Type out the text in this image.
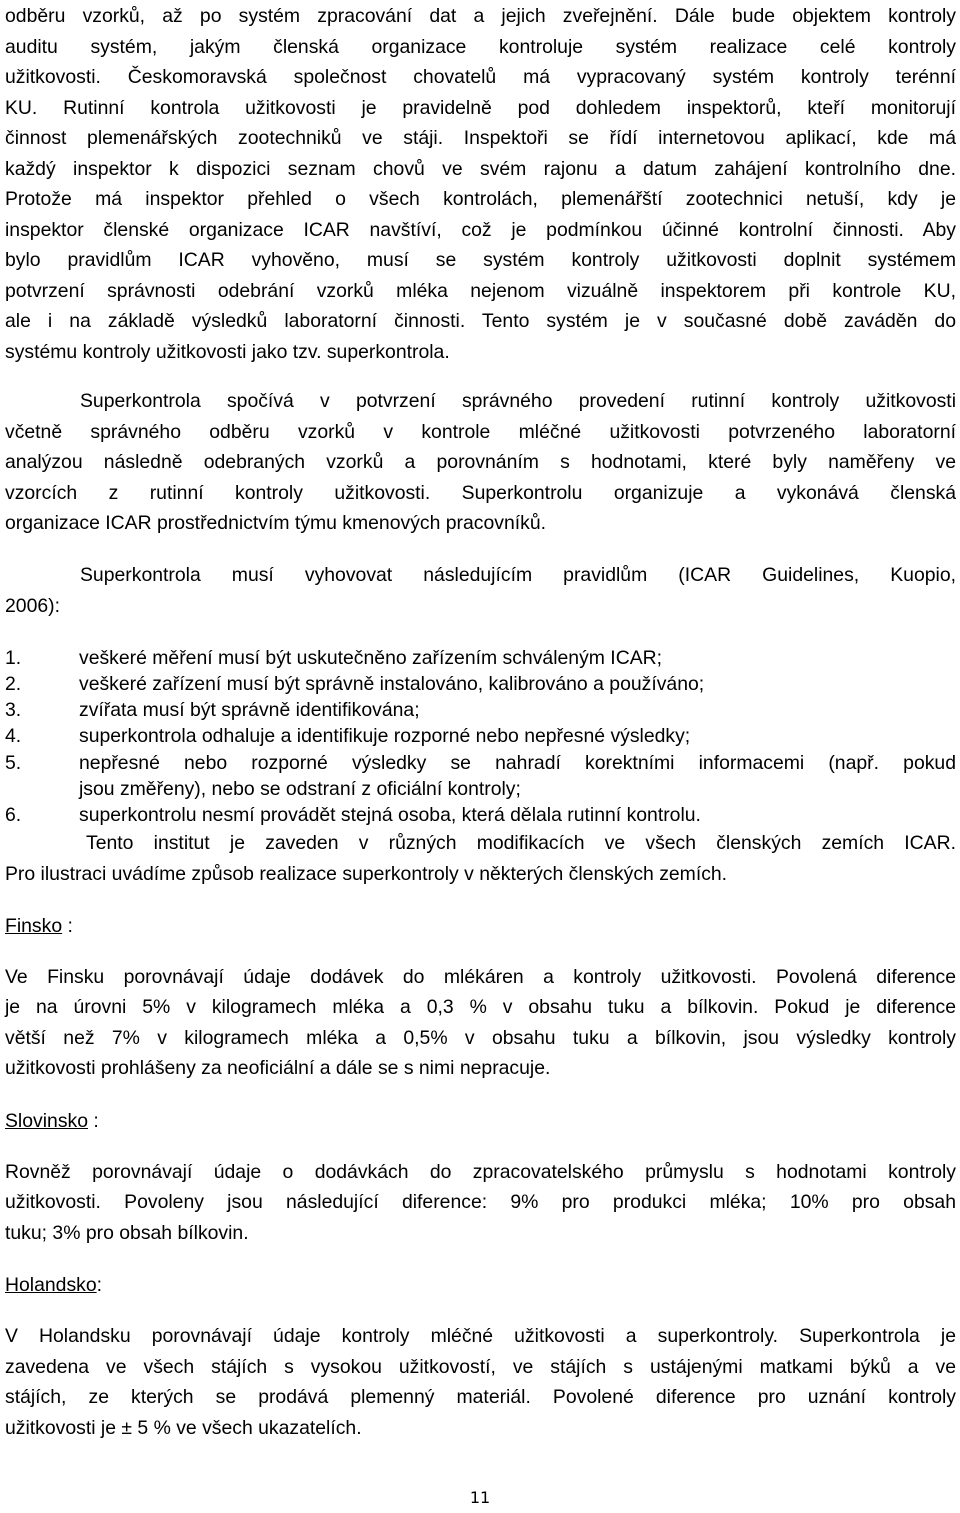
odběru vzorků, až po systém zpracování dat a jejich zveřejnění. Dále bude objektem kontroly
auditu systém, jakým členská organizace kontroluje systém realizace celé kontroly
užitkovosti. Českomoravská společnost chovatelů má vypracovaný systém kontroly terénní
KU. Rutinní kontrola užitkovosti je pravidelně pod dohledem inspektorů, kteří monitorují
činnost plemenářských zootechniků ve stáji. Inspektoři se řídí internetovou aplikací, kde má
každý inspektor k dispozici seznam chovů ve svém rajonu a datum zahájení kontrolního dne.
Protože má inspektor přehled o všech kontrolách, plemenářští zootechnici netuší, kdy je
inspektor členské organizace ICAR navštíví, což je podmínkou účinné kontrolní činnosti. Aby
bylo pravidlům ICAR vyhověno, musí se systém kontroly užitkovosti doplnit systémem
potvrzení správnosti odebrání vzorků mléka nejenom vizuálně inspektorem při kontrole KU,
ale i na základě výsledků laboratorní činnosti. Tento systém je v současné době zaváděn do
systému kontroly užitkovosti jako tzv. superkontrola.
Superkontrola spočívá v potvrzení správného provedení rutinní kontroly užitkovosti
včetně správného odběru vzorků v kontrole mléčné užitkovosti potvrzeného laboratorní
analýzou následně odebraných vzorků a porovnáním s hodnotami, které byly naměřeny ve
vzorcích z rutinní kontroly užitkovosti. Superkontrolu organizuje a vykonává členská
organizace ICAR prostřednictvím týmu kmenových pracovníků.
Superkontrola musí vyhovovat následujícím pravidlům (ICAR Guidelines, Kuopio,
2006):
1.	veškeré měření musí být uskutečněno zařízením schváleným ICAR;
2.	veškeré zařízení musí být správně instalováno, kalibrováno a používáno;
3.	zvířata musí být správně identifikována;
4.	superkontrola odhaluje a identifikuje rozporné nebo nepřesné výsledky;
5.	nepřesné nebo rozporné výsledky se nahradí korektními informacemi (např. pokud
jsou změřeny), nebo se odstraní z oficiální kontroly;
6.	superkontrolu nesmí provádět stejná osoba, která dělala rutinní kontrolu.
Tento institut je zaveden v různých modifikacích ve všech členských zemích ICAR.
Pro ilustraci uvádíme způsob realizace superkontroly v některých členských zemích.
Finsko :
Ve Finsku porovnávají údaje dodávek do mlékáren a kontroly užitkovosti. Povolená diference
je na úrovni 5% v kilogramech mléka a 0,3 % v obsahu tuku a bílkovin. Pokud je diference
větší než 7% v kilogramech mléka a 0,5% v obsahu tuku a bílkovin, jsou výsledky kontroly
užitkovosti prohlášeny za neoficiální a dále se s nimi nepracuje.
Slovinsko :
Rovněž porovnávají údaje o dodávkách do zpracovatelského průmyslu s hodnotami kontroly
užitkovosti. Povoleny jsou následující diference: 9% pro produkci mléka; 10% pro obsah
tuku; 3% pro obsah bílkovin.
Holandsko:
V Holandsku porovnávají údaje kontroly mléčné užitkovosti a superkontroly. Superkontrola je
zavedena ve všech stájích s vysokou užitkovostí, ve stájích s ustájenými matkami býků a ve
stájích, ze kterých se prodává plemenný materiál. Povolené diference pro uznání kontroly
užitkovosti je ± 5 % ve všech ukazatelích.
11
